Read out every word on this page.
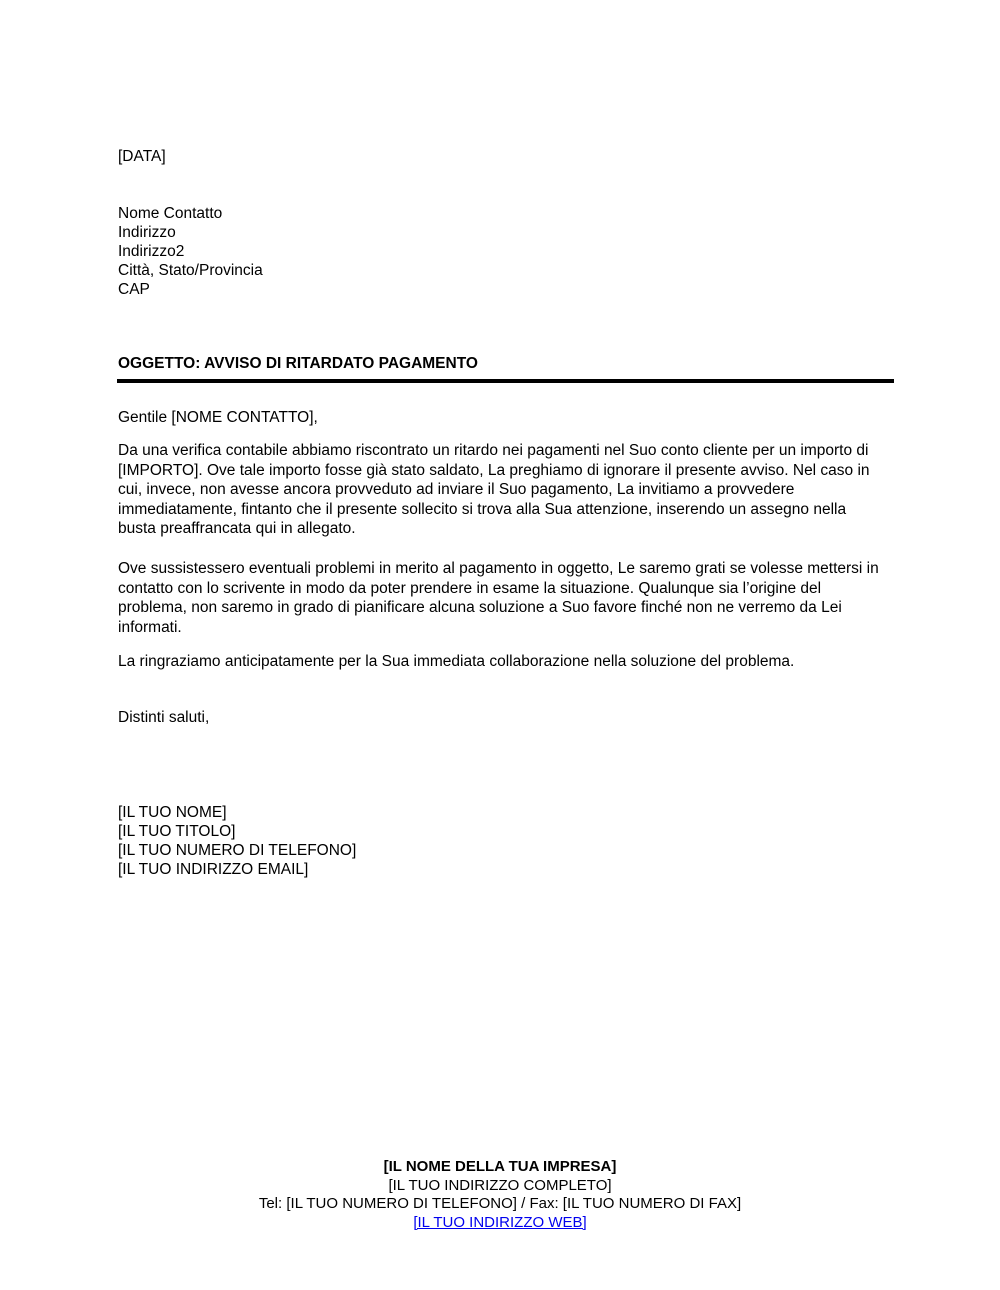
[DATA]
Nome Contatto
Indirizzo
Indirizzo2
Città, Stato/Provincia
CAP
OGGETTO: AVVISO DI RITARDATO PAGAMENTO
Gentile [NOME CONTATTO],
Da una verifica contabile abbiamo riscontrato un ritardo nei pagamenti nel Suo conto cliente per un importo di [IMPORTO]. Ove tale importo fosse già stato saldato, La preghiamo di ignorare il presente avviso. Nel caso in cui, invece, non avesse ancora provveduto ad inviare il Suo pagamento, La invitiamo a provvedere immediatamente, fintanto che il presente sollecito si trova alla Sua attenzione, inserendo un assegno nella busta preaffrancata qui in allegato.
Ove sussistessero eventuali problemi in merito al pagamento in oggetto, Le saremo grati se volesse mettersi in contatto con lo scrivente in modo da poter prendere in esame la situazione. Qualunque sia l’origine del problema, non saremo in grado di pianificare alcuna soluzione a Suo favore finché non ne verremo da Lei informati.
La ringraziamo anticipatamente per la Sua immediata collaborazione nella soluzione del problema.
Distinti saluti,
[IL TUO NOME]
[IL TUO TITOLO]
[IL TUO NUMERO DI TELEFONO]
[IL TUO INDIRIZZO EMAIL]
[IL NOME DELLA TUA IMPRESA]
[IL TUO INDIRIZZO COMPLETO]
Tel: [IL TUO NUMERO DI TELEFONO] / Fax: [IL TUO NUMERO DI FAX]
[IL TUO INDIRIZZO WEB]
